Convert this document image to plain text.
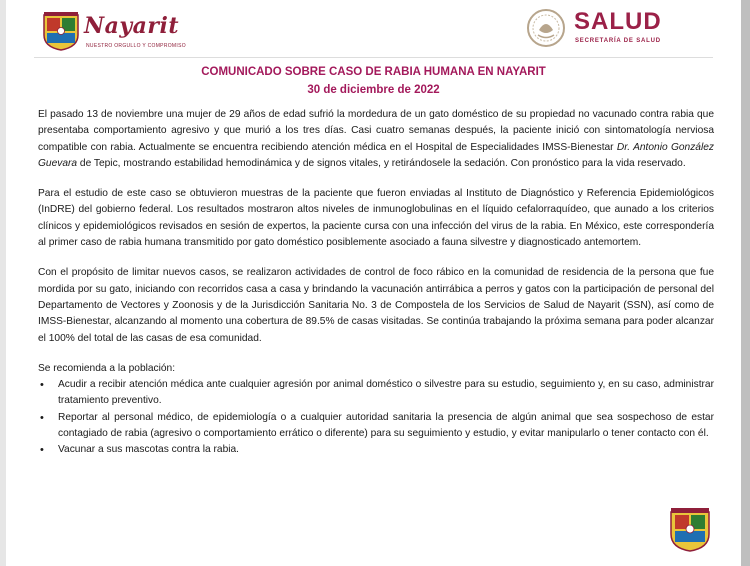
Nayarit
NUESTRO ORGULLO Y COMPROMISO
SALUD
SECRETARÍA DE SALUD
COMUNICADO SOBRE CASO DE RABIA HUMANA EN NAYARIT
30 de diciembre de 2022

El pasado 13 de noviembre una mujer de 29 años de edad sufrió la mordedura de un gato doméstico de su propiedad no vacunado contra rabia que presentaba comportamiento agresivo y que murió a los tres días. Casi cuatro semanas después, la paciente inició con sintomatología nerviosa compatible con rabia. Actualmente se encuentra recibiendo atención médica en el Hospital de Especialidades IMSS-Bienestar Dr. Antonio González Guevara de Tepic, mostrando estabilidad hemodinámica y de signos vitales, y retirándosele la sedación. Con pronóstico para la vida reservado.

Para el estudio de este caso se obtuvieron muestras de la paciente que fueron enviadas al Instituto de Diagnóstico y Referencia Epidemiológicos (InDRE) del gobierno federal. Los resultados mostraron altos niveles de inmunoglobulinas en el líquido cefalorraquídeo, que aunado a los criterios clínicos y epidemiológicos revisados en sesión de expertos, la paciente cursa con una infección del virus de la rabia. En México, este correspondería al primer caso de rabia humana transmitido por gato doméstico posiblemente asociado a fauna silvestre y diagnosticado antemortem.

Con el propósito de limitar nuevos casos, se realizaron actividades de control de foco rábico en la comunidad de residencia de la persona que fue mordida por su gato, iniciando con recorridos casa a casa y brindando la vacunación antirrábica a perros y gatos con la participación de personal del Departamento de Vectores y Zoonosis y de la Jurisdicción Sanitaria No. 3 de Compostela de los Servicios de Salud de Nayarit (SSN), así como de IMSS-Bienestar, alcanzando al momento una cobertura de 89.5% de casas visitadas. Se continúa trabajando la próxima semana para poder alcanzar el 100% del total de las casas de esa comunidad.

Se recomienda a la población:

• Acudir a recibir atención médica ante cualquier agresión por animal doméstico o silvestre para su estudio, seguimiento y, en su caso, administrar tratamiento preventivo.
• Reportar al personal médico, de epidemiología o a cualquier autoridad sanitaria la presencia de algún animal que sea sospechoso de estar contagiado de rabia (agresivo o comportamiento errático o diferente) para su seguimiento y estudio, y evitar manipularlo o tener contacto con él.
• Vacunar a sus mascotas contra la rabia.
